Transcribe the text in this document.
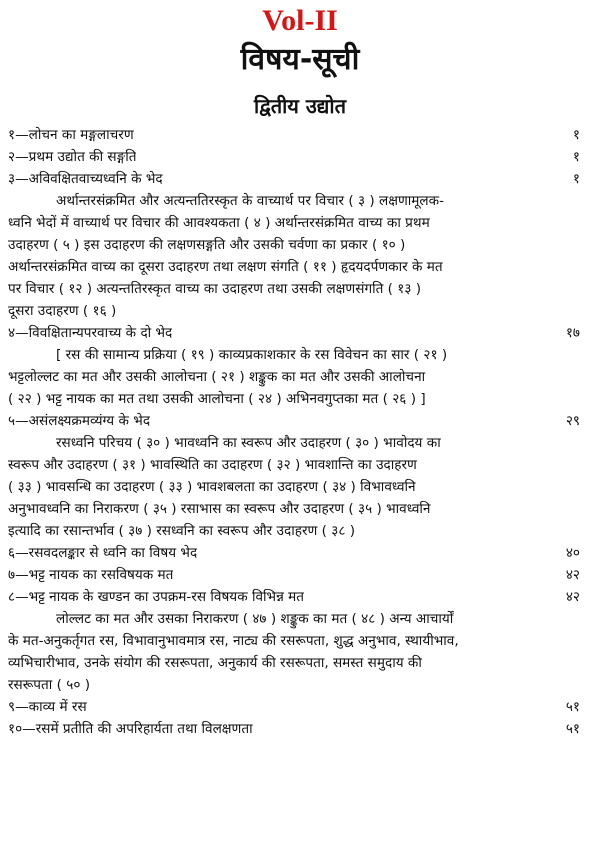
Vol-II
विषय-सूची
द्वितीय उद्योत
१—लोचन का मङ्गलाचरण	१
२—प्रथम उद्योत की सङ्गति	१
३—अविवक्षितवाच्यध्वनि के भेद	१
अर्थान्तरसंक्रमित और अत्यन्ततिरस्कृत के वाच्यार्थ पर विचार ( ३ ) लक्षणामूलक-
ध्वनि भेदों में वाच्यार्थ पर विचार की आवश्यकता ( ४ ) अर्थान्तरसंक्रमित वाच्य का प्रथम
उदाहरण ( ५ ) इस उदाहरण की लक्षणसङ्गति और उसकी चर्वणा का प्रकार ( १० )
अर्थान्तरसंक्रमित वाच्य का दूसरा उदाहरण तथा लक्षण संगति ( ११ ) हृदयदर्पणकार के मत
पर विचार ( १२ ) अत्यन्ततिरस्कृत वाच्य का उदाहरण तथा उसकी लक्षणसंगति ( १३ )
दूसरा उदाहरण ( १६ )
४—विवक्षितान्यपरवाच्य के दो भेद	१७
[ रस की सामान्य प्रक्रिया ( १९ ) काव्यप्रकाशकार के रस विवेचन का सार ( २१ )
भट्टलोल्लट का मत और उसकी आलोचना ( २१ ) शङ्कुक का मत और उसकी आलोचना
( २२ ) भट्ट नायक का मत तथा उसकी आलोचना ( २४ ) अभिनवगुप्तका मत ( २६ ) ]
५—असंलक्ष्यक्रमव्यंग्य के भेद	२९
रसध्वनि परिचय ( ३० ) भावध्वनि का स्वरूप और उदाहरण ( ३० ) भावोदय का
स्वरूप और उदाहरण ( ३१ ) भावस्थिति का उदाहरण ( ३२ ) भावशान्ति का उदाहरण
( ३३ ) भावसन्धि का उदाहरण ( ३३ ) भावशबलता का उदाहरण ( ३४ ) विभावध्वनि
अनुभावध्वनि का निराकरण ( ३५ ) रसाभास का स्वरूप और उदाहरण ( ३५ ) भावध्वनि
इत्यादि का रसान्तर्भाव ( ३७ ) रसध्वनि का स्वरूप और उदाहरण ( ३८ )
६—रसवदलङ्कार से ध्वनि का विषय भेद	४०
७—भट्ट नायक का रसविषयक मत	४२
८—भट्ट नायक के खण्डन का उपक्रम-रस विषयक विभिन्न मत	४२
लोल्लट का मत और उसका निराकरण ( ४७ ) शङ्कुक का मत ( ४८ ) अन्य आचार्यों
के मत-अनुकर्तृगत रस, विभावानुभावमात्र रस, नाट्य की रसरूपता, शुद्ध अनुभाव, स्थायीभाव,
व्यभिचारीभाव, उनके संयोग की रसरूपता, अनुकार्य की रसरूपता, समस्त समुदाय की
रसरूपता ( ५० )
९—काव्य में रस	५१
१०—रसमें प्रतीति की अपरिहार्यता तथा विलक्षणता	५१
